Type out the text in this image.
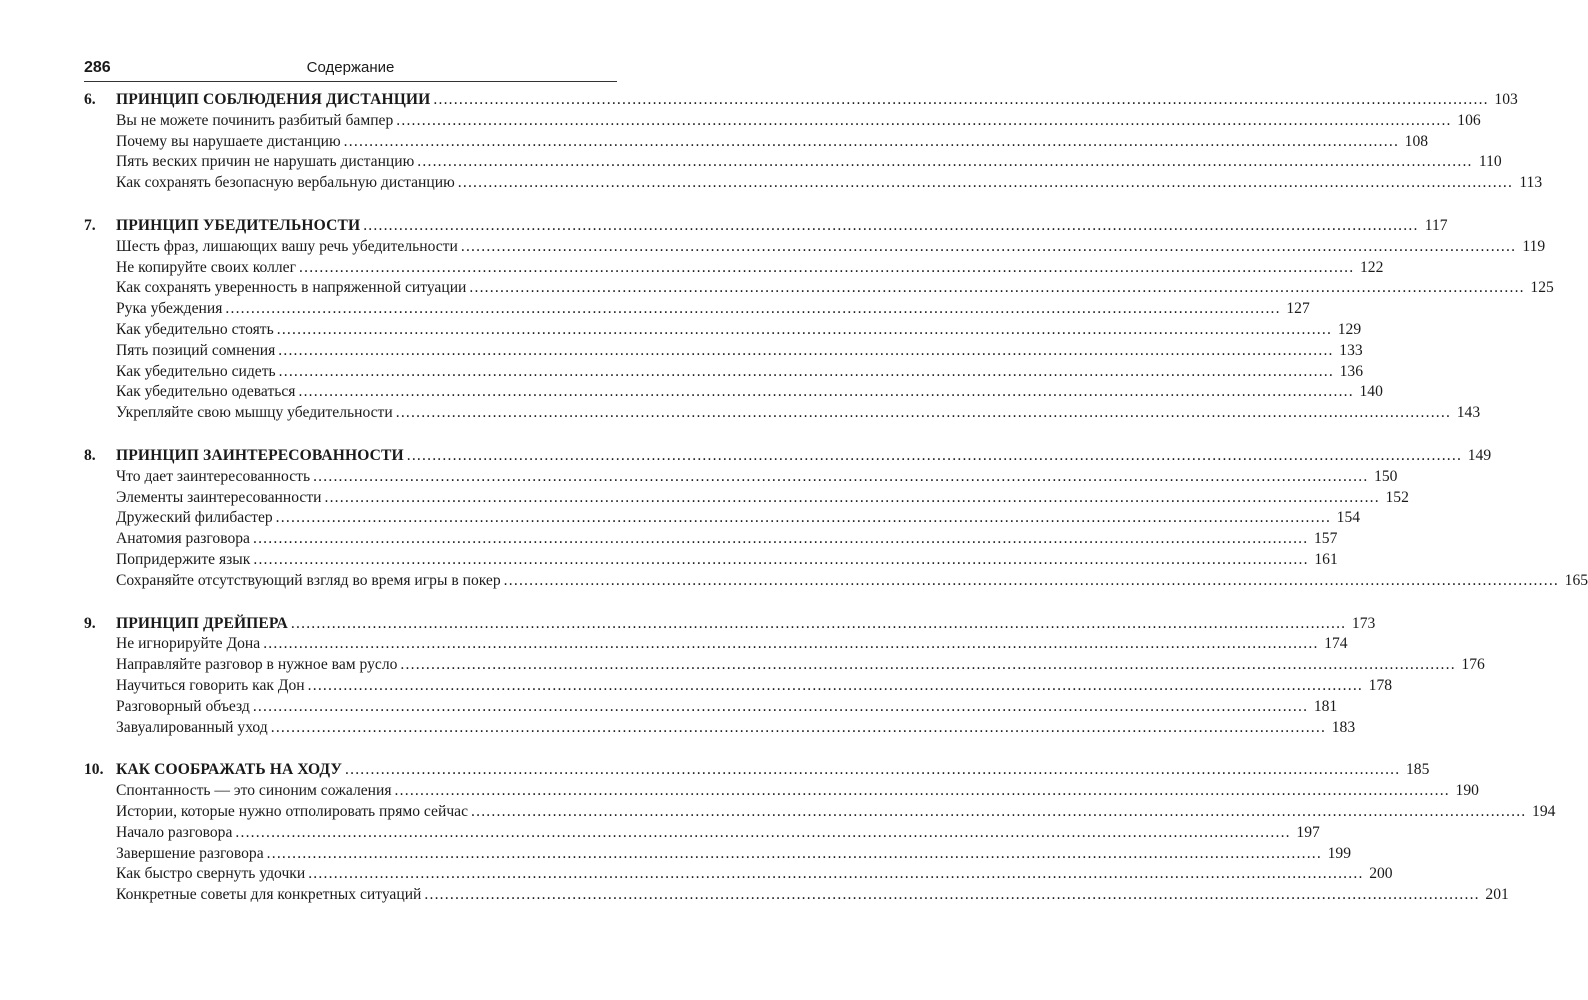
286	Содержание
6.	ПРИНЦИП СОБЛЮДЕНИЯ ДИСТАНЦИИ .....	103
Вы не можете починить разбитый бампер .....	106
Почему вы нарушаете дистанцию .....	108
Пять веских причин не нарушать дистанцию .....	110
Как сохранять безопасную вербальную дистанцию .....	113
7.	ПРИНЦИП УБЕДИТЕЛЬНОСТИ .....	117
Шесть фраз, лишающих вашу речь убедительности .....	119
Не копируйте своих коллег .....	122
Как сохранять уверенность в напряженной ситуации .....	125
Рука убеждения .....	127
Как убедительно стоять .....	129
Пять позиций сомнения .....	133
Как убедительно сидеть .....	136
Как убедительно одеваться .....	140
Укрепляйте свою мышцу убедительности .....	143
8.	ПРИНЦИП ЗАИНТЕРЕСОВАННОСТИ .....	149
Что дает заинтересованность .....	150
Элементы заинтересованности .....	152
Дружеский филибастер .....	154
Анатомия разговора .....	157
Попридержите язык .....	161
Сохраняйте отсутствующий взгляд во время игры в покер .....	165
9.	ПРИНЦИП ДРЕЙПЕРА .....	173
Не игнорируйте Дона .....	174
Направляйте разговор в нужное вам русло .....	176
Научиться говорить как Дон .....	178
Разговорный объезд .....	181
Завуалированный уход .....	183
10. КАК СООБРАЖАТЬ НА ХОДУ .....	185
Спонтанность — это синоним сожаления .....	190
Истории, которые нужно отполировать прямо сейчас .....	194
Начало разговора .....	197
Завершение разговора .....	199
Как быстро свернуть удочки .....	200
Конкретные советы для конкретных ситуаций .....	201
